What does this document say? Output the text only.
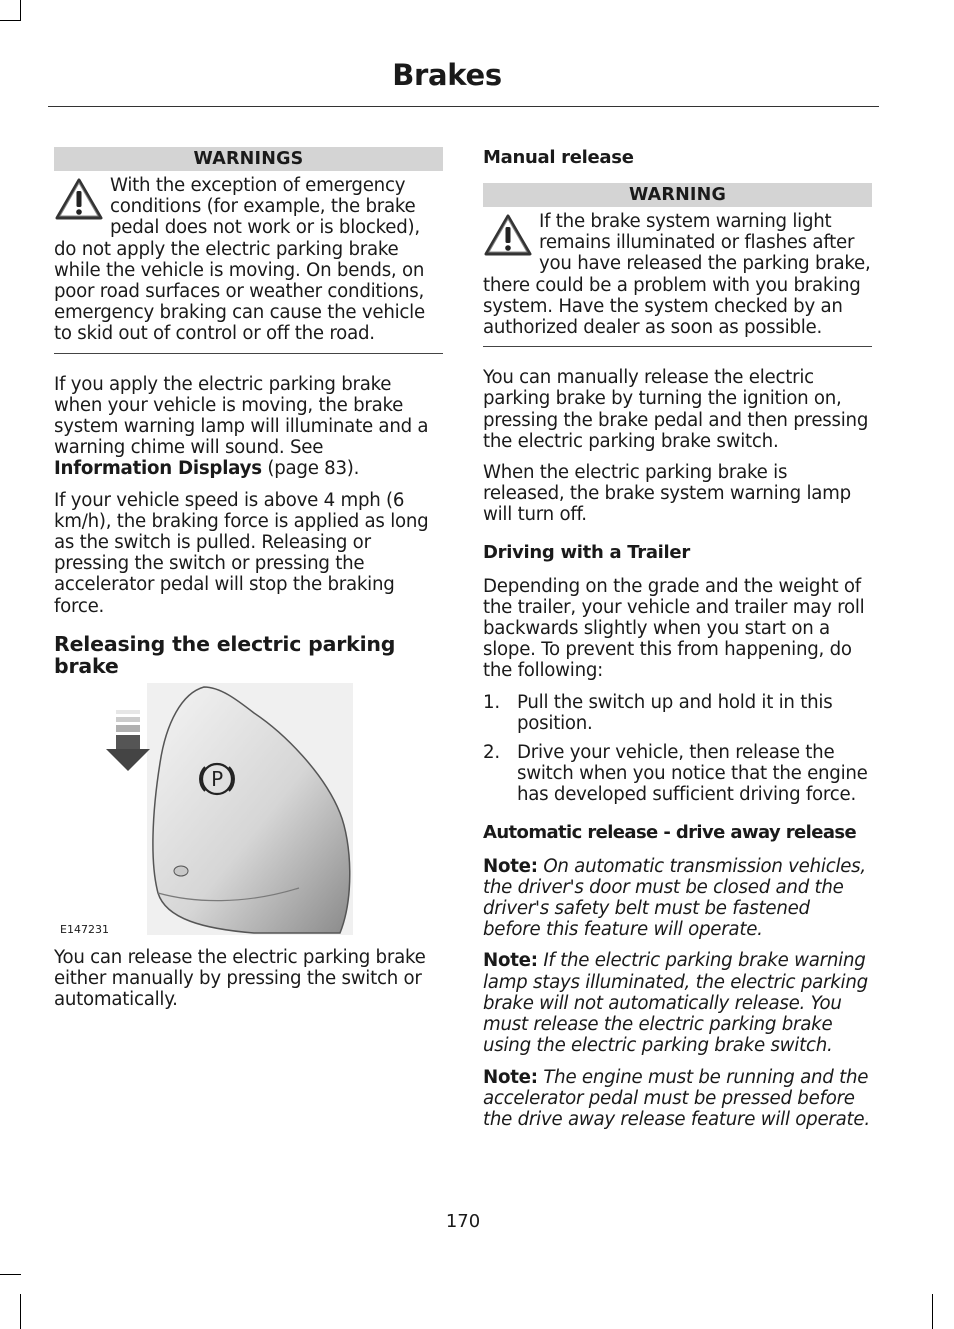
Brakes
WARNINGS
With the exception of emergency conditions (for example, the brake pedal does not work or is blocked), do not apply the electric parking brake while the vehicle is moving. On bends, on poor road surfaces or weather conditions, emergency braking can cause the vehicle to skid out of control or off the road.

If you apply the electric parking brake when your vehicle is moving, the brake system warning lamp will illuminate and a warning chime will sound. See Information Displays (page 83).

If your vehicle speed is above 4 mph (6 km/h), the braking force is applied as long as the switch is pulled. Releasing or pressing the switch or pressing the accelerator pedal will stop the braking force.

Releasing the electric parking brake
P
E147231

You can release the electric parking brake either manually by pressing the switch or automatically.

Manual release
WARNING
If the brake system warning light remains illuminated or flashes after you have released the parking brake, there could be a problem with you braking system. Have the system checked by an authorized dealer as soon as possible.

You can manually release the electric parking brake by turning the ignition on, pressing the brake pedal and then pressing the electric parking brake switch.

When the electric parking brake is released, the brake system warning lamp will turn off.

Driving with a Trailer

Depending on the grade and the weight of the trailer, your vehicle and trailer may roll backwards slightly when you start on a slope. To prevent this from happening, do the following:

1. Pull the switch up and hold it in this position.
2. Drive your vehicle, then release the switch when you notice that the engine has developed sufficient driving force.
Automatic release - drive away release

Note: On automatic transmission vehicles, the driver's door must be closed and the driver's safety belt must be fastened before this feature will operate.

Note: If the electric parking brake warning lamp stays illuminated, the electric parking brake will not automatically release. You must release the electric parking brake using the electric parking brake switch.

Note: The engine must be running and the accelerator pedal must be pressed before the drive away release feature will operate.

170
